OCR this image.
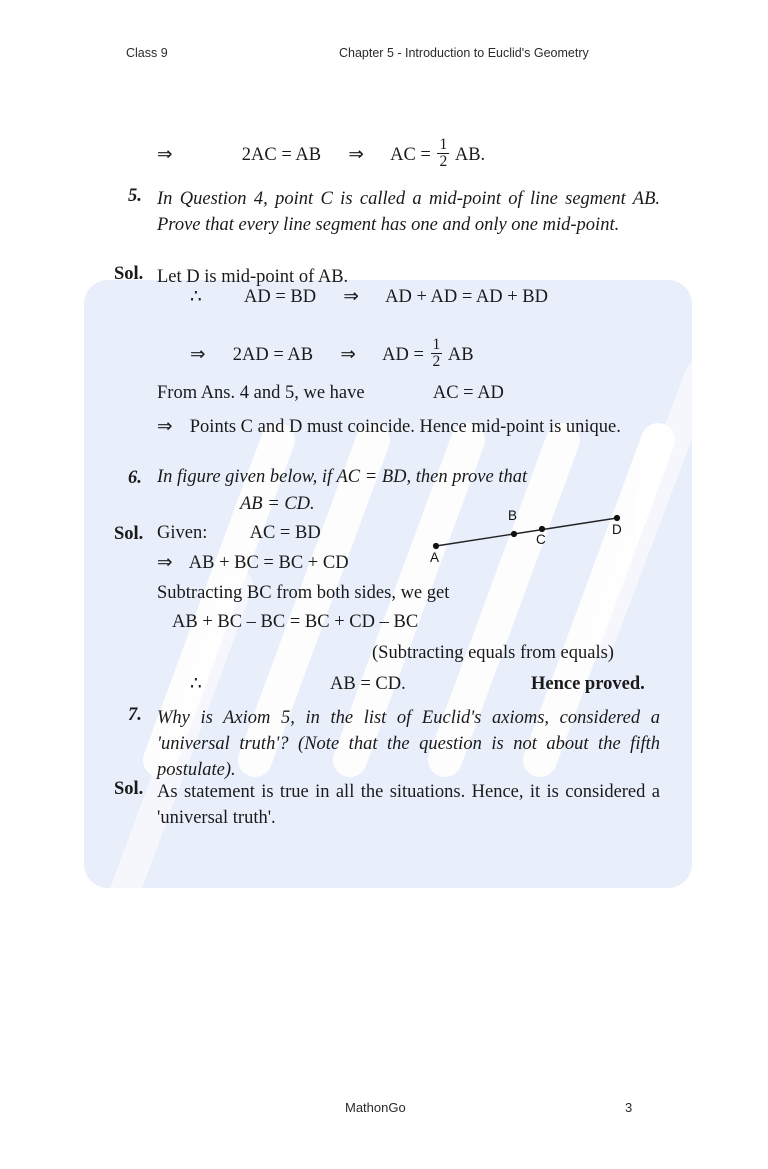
Class 9	Chapter 5 - Introduction to Euclid's Geometry
⇒	2AC = AB ⇒ AC = $\frac{1}{2}$ AB.
5. In Question 4, point C is called a mid-point of line segment AB. Prove that every line segment has one and only one mid-point.
Sol. Let D is mid-point of AB.
∴ AD = BD ⇒ AD + AD = AD + BD
⇒ 2AD = AB ⇒ AD = $\frac{1}{2}$ AB
From Ans. 4 and 5, we have	AC = AD
⇒ Points C and D must coincide. Hence mid-point is unique.
6. In figure given below, if AC = BD, then prove that
AB = CD.
Sol. Given: AC = BD
⇒ AB + BC = BC + CD
Subtracting BC from both sides, we get
AB + BC – BC = BC + CD – BC
(Subtracting equals from equals)
∴	AB = CD.	Hence proved.
7. Why is Axiom 5, in the list of Euclid's axioms, considered a 'universal truth'? (Note that the question is not about the fifth postulate).
Sol. As statement is true in all the situations. Hence, it is considered a 'universal truth'.
A
B
C
D
MathonGo	3
